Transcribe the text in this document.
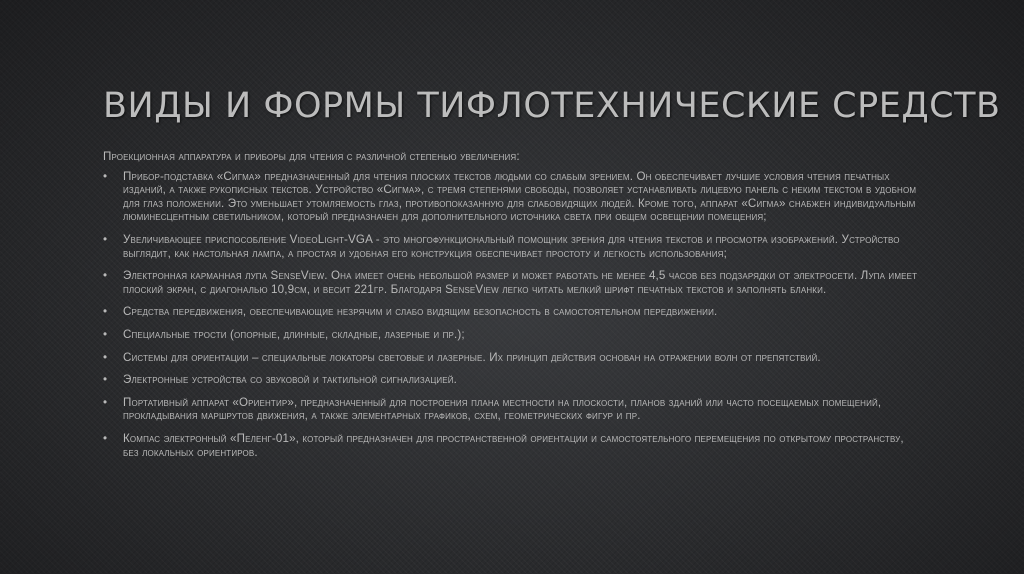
ВИДЫ И ФОРМЫ ТИФЛОТЕХНИЧЕСКИЕ СРЕДСТВ

Проекционная аппаратура и приборы для чтения с различной степенью увеличения:

• Прибор-подставка «Сигма» предназначенный для чтения плоских текстов людьми со слабым зрением. Он обеспечивает лучшие условия чтения печатных изданий, а также рукописных текстов. Устройство «Сигма», с тремя степенями свободы, позволяет устанавливать лицевую панель с неким текстом в удобном для глаз положении. Это уменьшает утомляемость глаз, противопоказанную для слабовидящих людей. Кроме того, аппарат «Сигма» снабжен индивидуальным люминесцентным светильником, который предназначен для дополнительного источника света при общем освещении помещения;
• Увеличивающее приспособление VideoLight-VGA - это многофункциональный помощник зрения для чтения текстов и просмотра изображений. Устройство выглядит, как настольная лампа, а простая и удобная его конструкция обеспечивает простоту и легкость использования;
• Электронная карманная лупа SenseView. Она имеет очень небольшой размер и может работать не менее 4,5 часов без подзарядки от электросети. Лупа имеет плоский экран, с диагональю 10,9см, и весит 221гр. Благодаря SenseView легко читать мелкий шрифт печатных текстов и заполнять бланки.
• Средства передвижения, обеспечивающие незрячим и слабо видящим безопасность в самостоятельном передвижении.
• Специальные трости (опорные, длинные, складные, лазерные и пр.);
• Системы для ориентации – специальные локаторы световые и лазерные. Их принцип действия основан на отражении волн от препятствий.
• Электронные устройства со звуковой и тактильной сигнализацией.
• Портативный аппарат «Ориентир», предназначенный для построения плана местности на плоскости, планов зданий или часто посещаемых помещений, прокладывания маршрутов движения, а также элементарных графиков, схем, геометрических фигур и пр.
• Компас электронный «Пеленг-01», который предназначен для пространственной ориентации и самостоятельного перемещения по открытому пространству, без локальных ориентиров.
